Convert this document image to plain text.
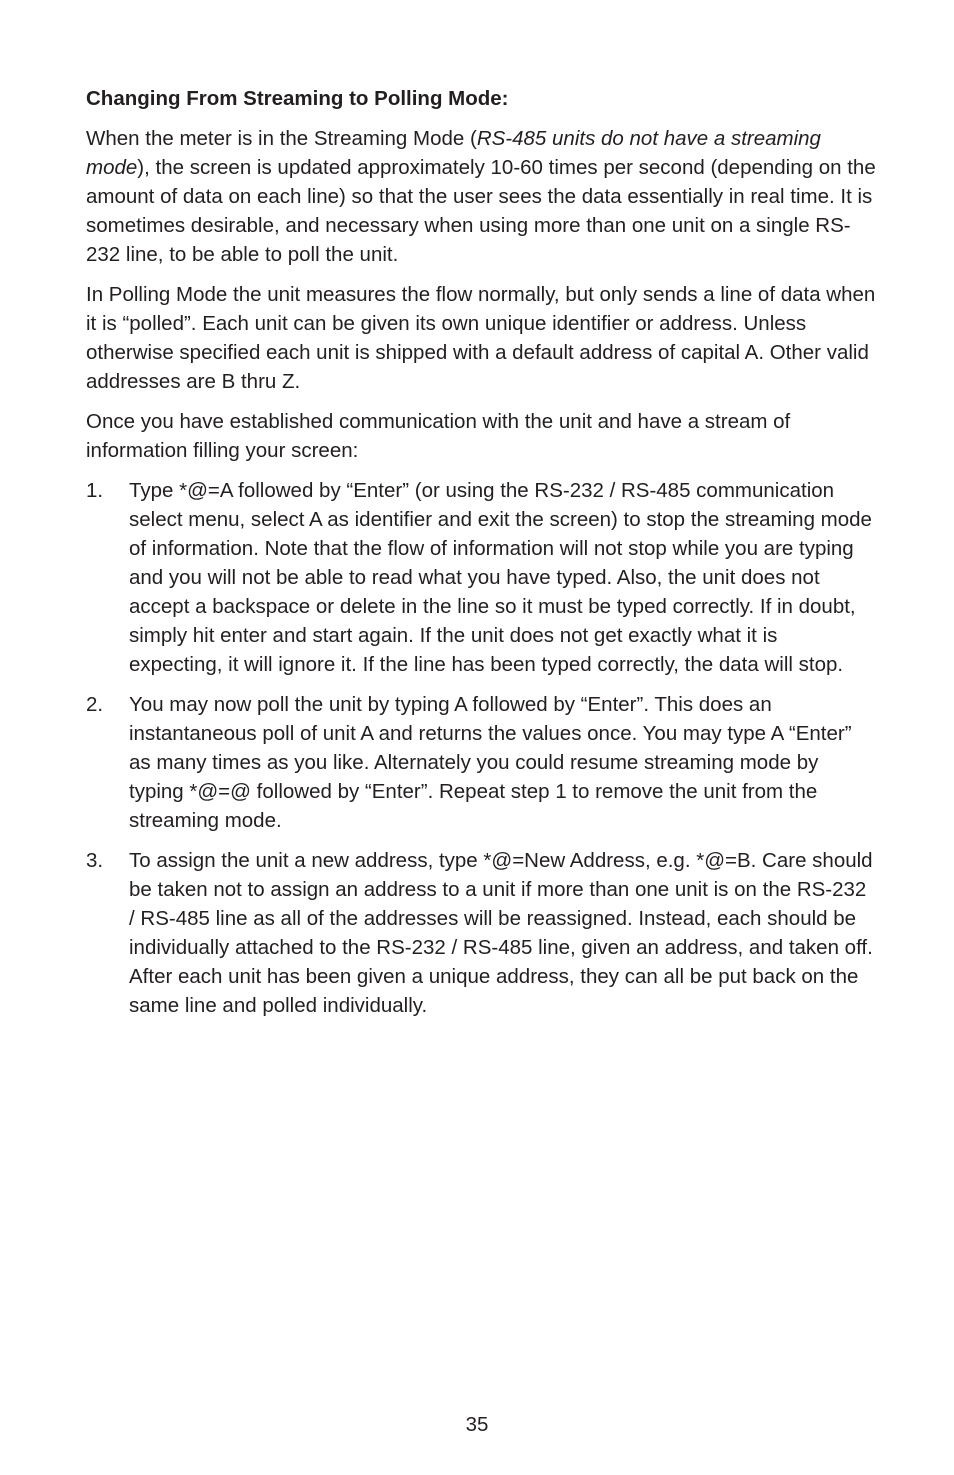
Changing From Streaming to Polling Mode:

When the meter is in the Streaming Mode (RS-485 units do not have a streaming mode), the screen is updated approximately 10-60 times per second (depending on the amount of data on each line) so that the user sees the data essentially in real time. It is sometimes desirable, and necessary when using more than one unit on a single RS-232 line, to be able to poll the unit.

In Polling Mode the unit measures the flow normally, but only sends a line of data when it is “polled”. Each unit can be given its own unique identifier or address. Unless otherwise specified each unit is shipped with a default address of capital A. Other valid addresses are B thru Z.

Once you have established communication with the unit and have a stream of information filling your screen:

1.	Type *@=A followed by “Enter” (or using the RS-232 / RS-485 communication select menu, select A as identifier and exit the screen) to stop the streaming mode of information. Note that the flow of information will not stop while you are typing and you will not be able to read what you have typed. Also, the unit does not accept a backspace or delete in the line so it must be typed correctly. If in doubt, simply hit enter and start again. If the unit does not get exactly what it is expecting, it will ignore it. If the line has been typed correctly, the data will stop.
2.	You may now poll the unit by typing A followed by “Enter”. This does an instantaneous poll of unit A and returns the values once. You may type A “Enter” as many times as you like. Alternately you could resume streaming mode by typing *@=@ followed by “Enter”. Repeat step 1 to remove the unit from the streaming mode.
3.	To assign the unit a new address, type *@=New Address, e.g. *@=B. Care should be taken not to assign an address to a unit if more than one unit is on the RS-232 / RS-485 line as all of the addresses will be reassigned. Instead, each should be individually attached to the RS-232 / RS-485 line, given an address, and taken off. After each unit has been given a unique address, they can all be put back on the same line and polled individually.
35
